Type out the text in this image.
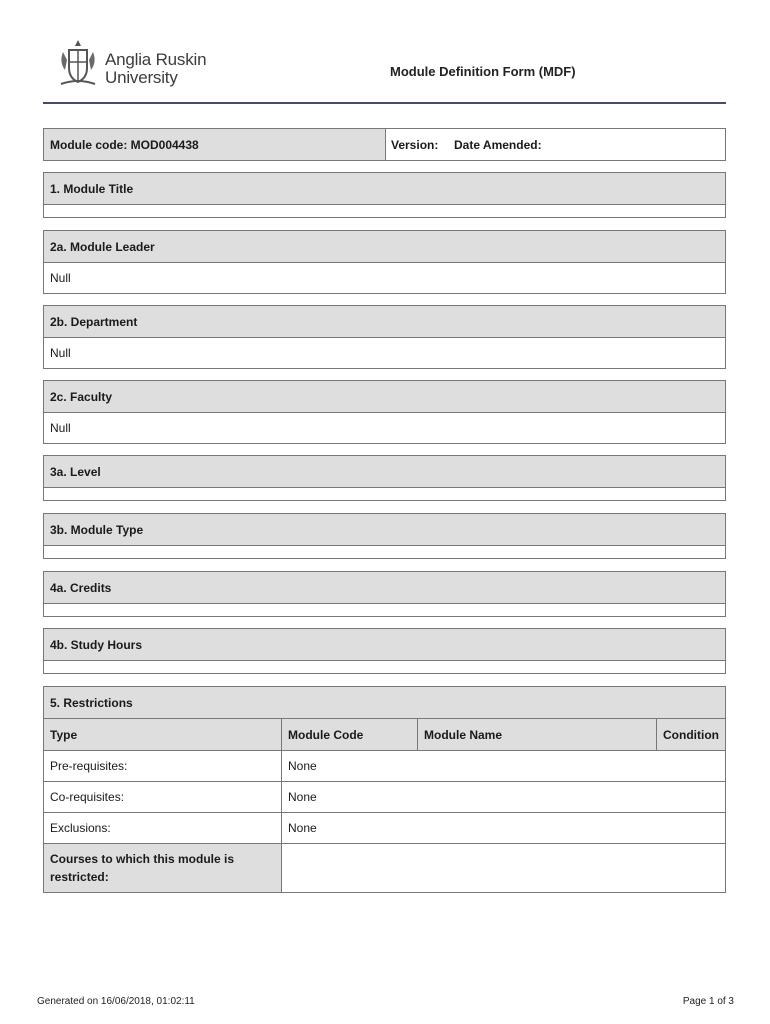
Anglia Ruskin
University	Module Definition Form (MDF)
Module code: MOD004438	Version:	Date Amended:
1. Module Title
2a. Module Leader
Null
2b. Department
Null
2c. Faculty
Null
3a. Level
3b. Module Type
4a. Credits
4b. Study Hours
5. Restrictions
Type	Module Code	Module Name	Condition
Pre-requisites:	None
Co-requisites:	None
Exclusions:	None
Courses to which this module is restricted:
Generated on 16/06/2018, 01:02:11	Page 1 of 3
